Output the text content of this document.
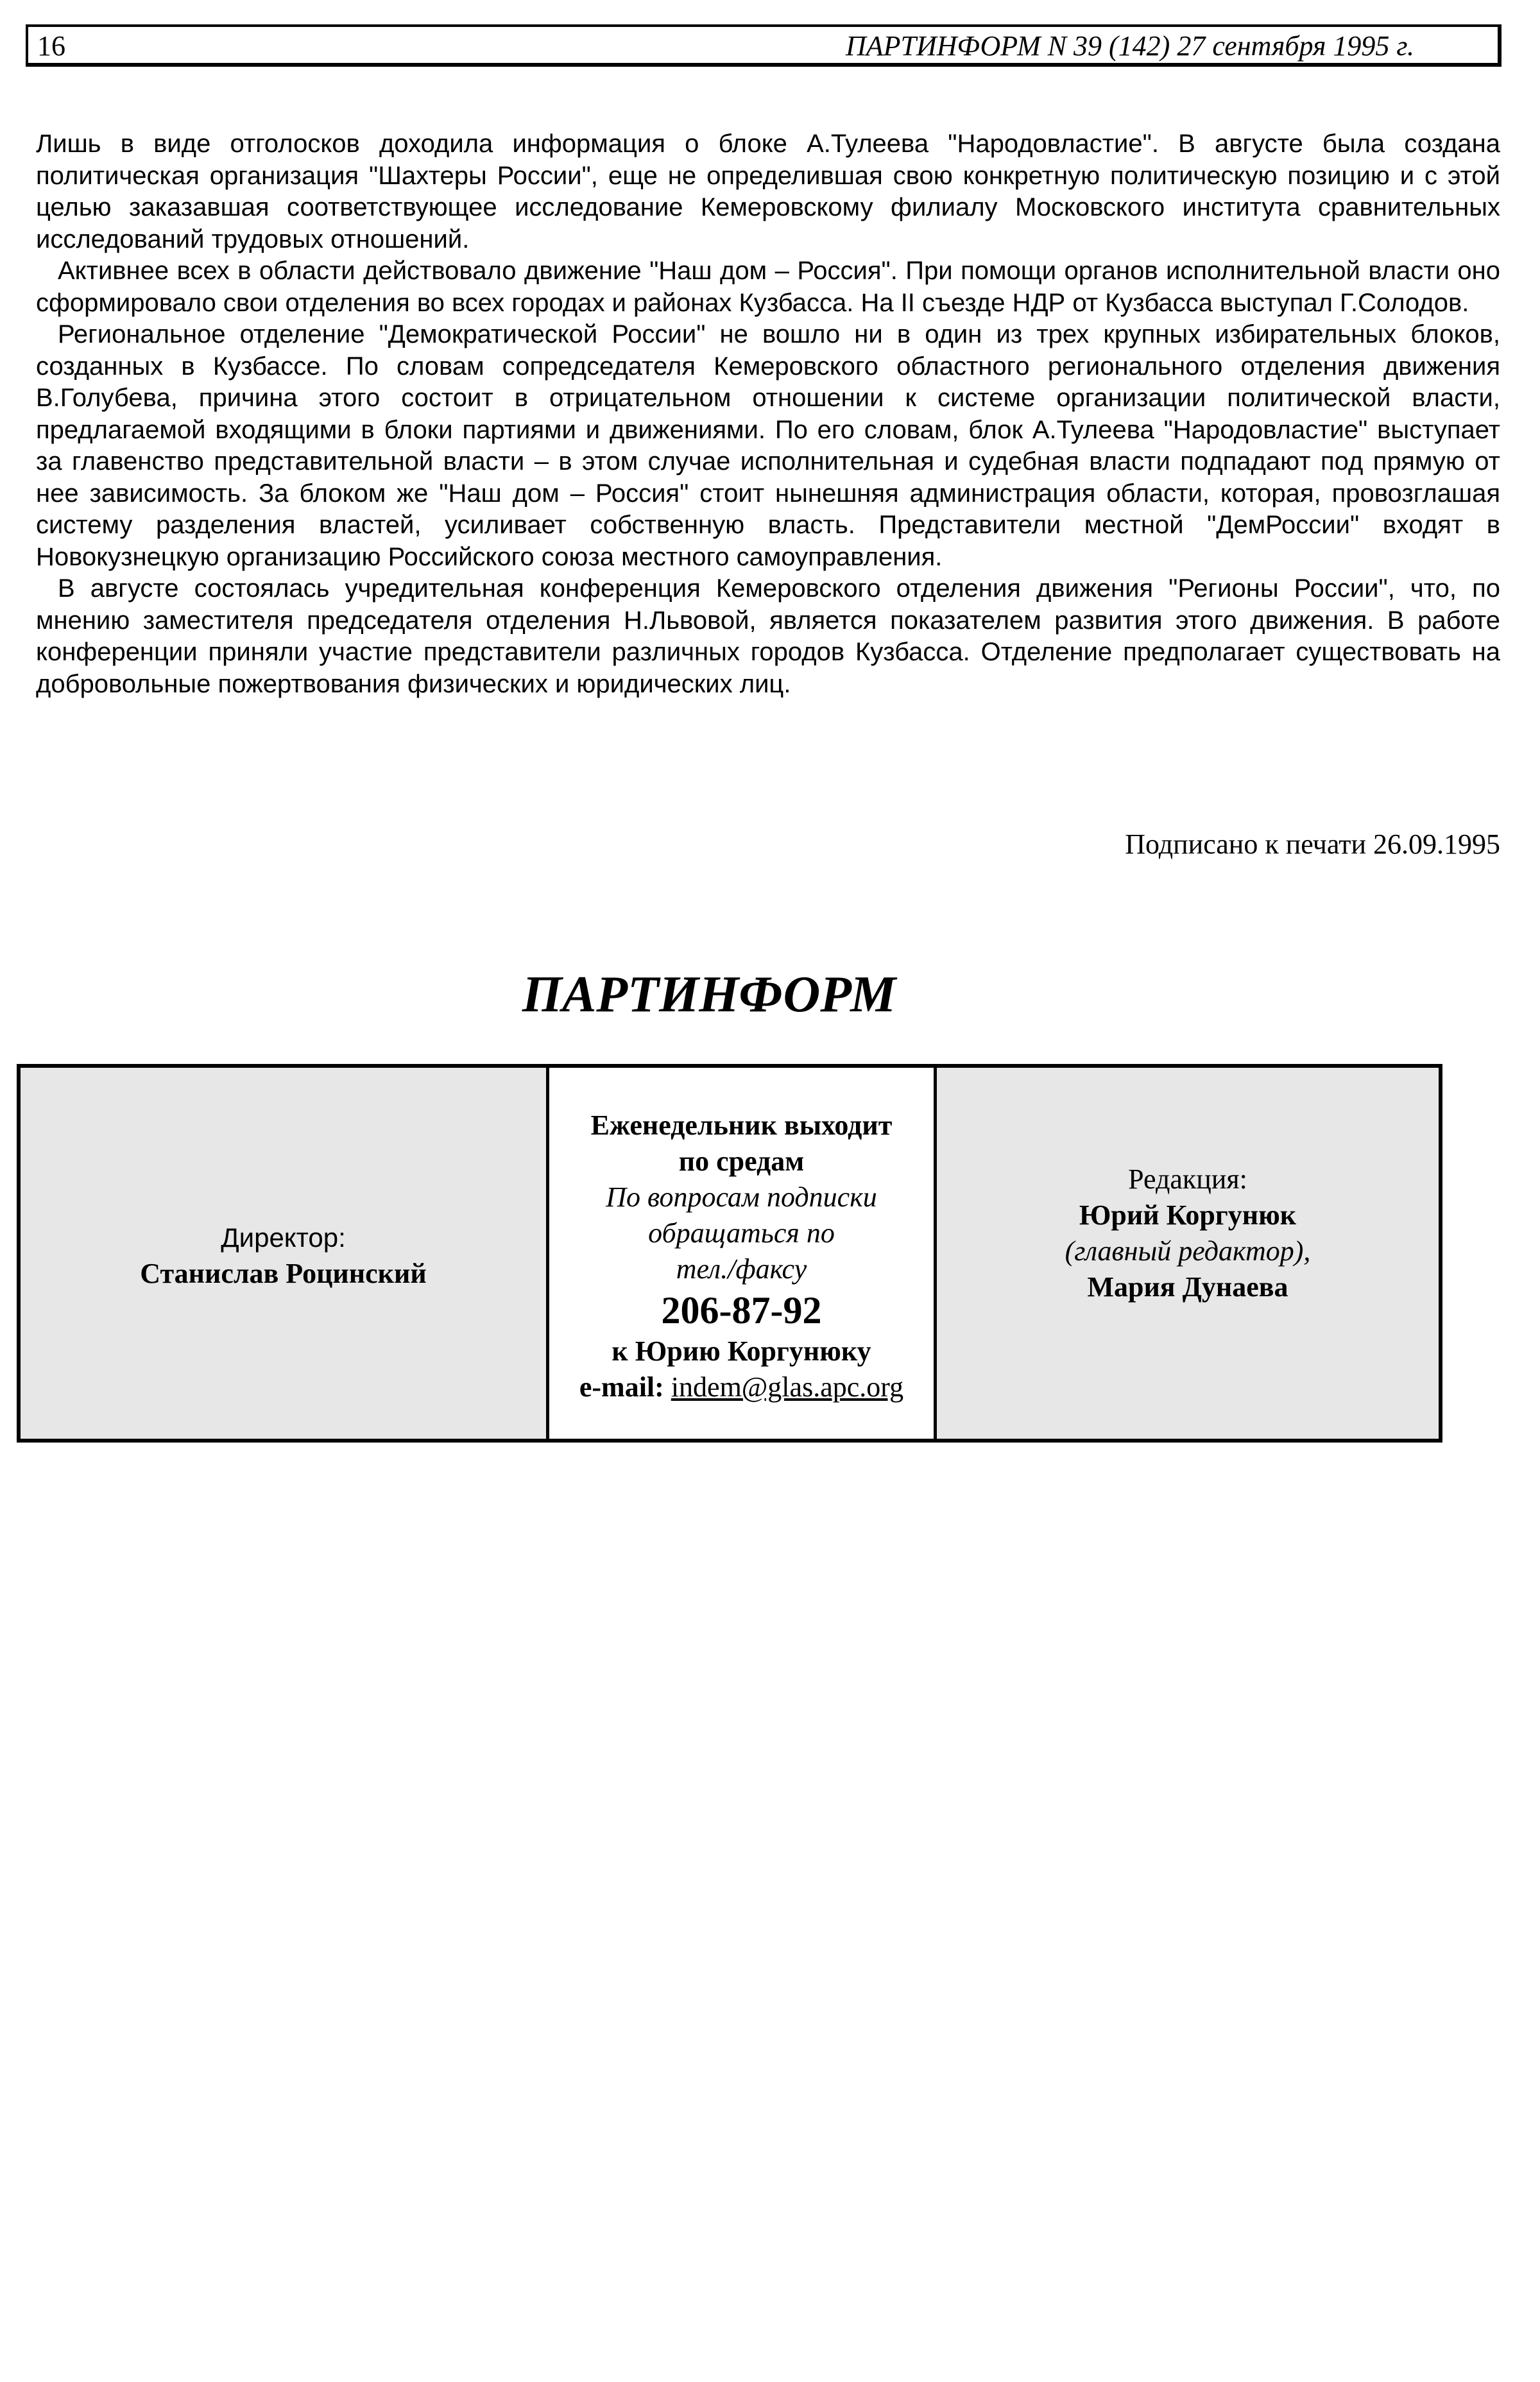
16	ПАРТИНФОРМ N 39 (142) 27 сентября 1995 г.

Лишь в виде отголосков доходила информация о блоке А.Тулеева "Народовластие". В августе была создана политическая организация "Шахтеры России", еще не определившая свою конкретную политическую позицию и с этой целью заказавшая соответствующее исследование Кемеровскому филиалу Московского института сравнительных исследований трудовых отношений.

Активнее всех в области действовало движение "Наш дом – Россия". При помощи органов исполнительной власти оно сформировало свои отделения во всех городах и районах Кузбасса. На II съезде НДР от Кузбасса выступал Г.Солодов.

Региональное отделение "Демократической России" не вошло ни в один из трех крупных избирательных блоков, созданных в Кузбассе. По словам сопредседателя Кемеровского областного регионального отделения движения В.Голубева, причина этого состоит в отрицательном отношении к системе организации политической власти, предлагаемой входящими в блоки партиями и движениями. По его словам, блок А.Тулеева "Народовластие" выступает за главенство представительной власти – в этом случае исполнительная и судебная власти подпадают под прямую от нее зависимость. За блоком же "Наш дом – Россия" стоит нынешняя администрация области, которая, провозглашая систему разделения властей, усиливает собственную власть. Представители местной "ДемРоссии" входят в Новокузнецкую организацию Российского союза местного самоуправления.

В августе состоялась учредительная конференция Кемеровского отделения движения "Регионы России", что, по мнению заместителя председателя отделения Н.Львовой, является показателем развития этого движения. В работе конференции приняли участие представители различных городов Кузбасса. Отделение предполагает существовать на добровольные пожертвования физических и юридических лиц.

Подписано к печати 26.09.1995
ПАРТИНФОРМ
Директор:
Станислав Роцинский
Еженедельник выходит
по средам
По вопросам подписки
обращаться по
тел./факсу
206-87-92
к Юрию Коргунюку
e-mail: indem@glas.apc.org
Редакция:
Юрий Коргунюк
(главный редактор),
Мария Дунаева
